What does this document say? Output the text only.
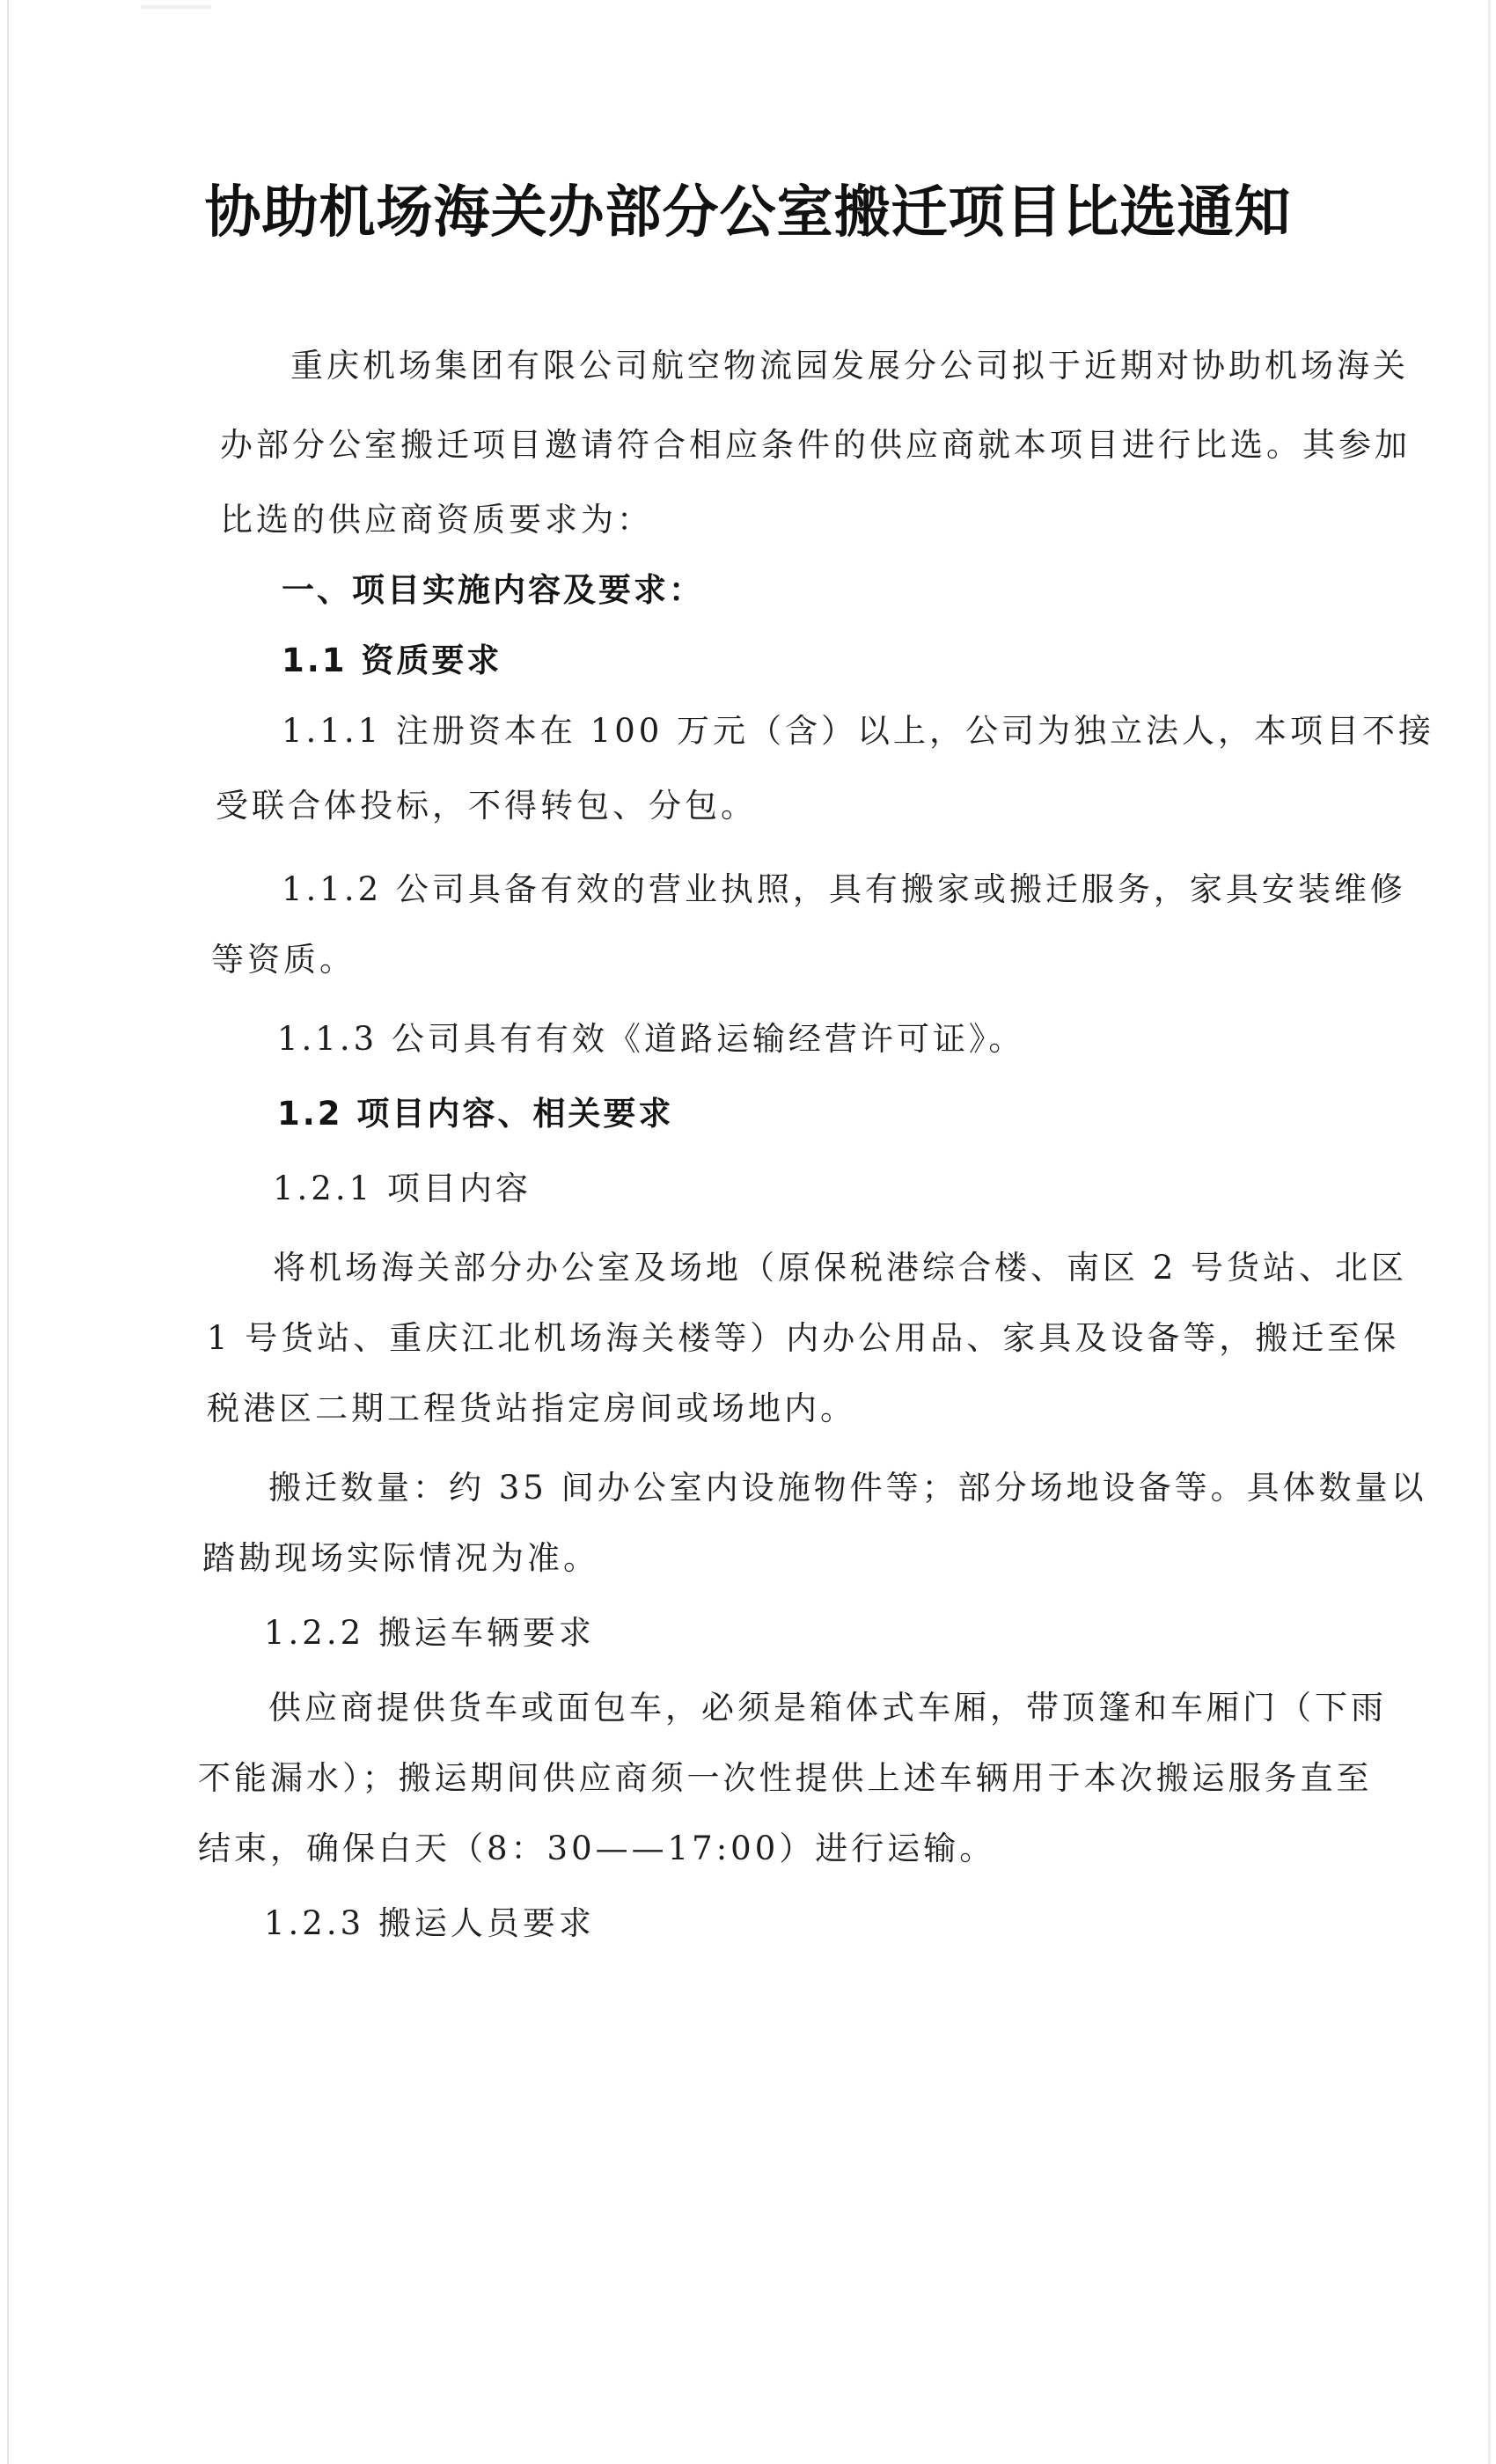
协助机场海关办部分公室搬迁项目比选通知
重庆机场集团有限公司航空物流园发展分公司拟于近期对协助机场海关
办部分公室搬迁项目邀请符合相应条件的供应商就本项目进行比选。其参加
比选的供应商资质要求为：
一、项目实施内容及要求：
1.1 资质要求
1.1.1 注册资本在 100 万元（含）以上，公司为独立法人，本项目不接
受联合体投标，不得转包、分包。
1.1.2 公司具备有效的营业执照，具有搬家或搬迁服务，家具安装维修
等资质。
1.1.3 公司具有有效《道路运输经营许可证》。
1.2 项目内容、相关要求
1.2.1 项目内容
将机场海关部分办公室及场地（原保税港综合楼、南区 2 号货站、北区
1 号货站、重庆江北机场海关楼等）内办公用品、家具及设备等，搬迁至保
税港区二期工程货站指定房间或场地内。
搬迁数量：约 35 间办公室内设施物件等；部分场地设备等。具体数量以
踏勘现场实际情况为准。
1.2.2 搬运车辆要求
供应商提供货车或面包车，必须是箱体式车厢，带顶篷和车厢门（下雨
不能漏水）；搬运期间供应商须一次性提供上述车辆用于本次搬运服务直至
结束，确保白天（8：30——17:00）进行运输。
1.2.3 搬运人员要求
